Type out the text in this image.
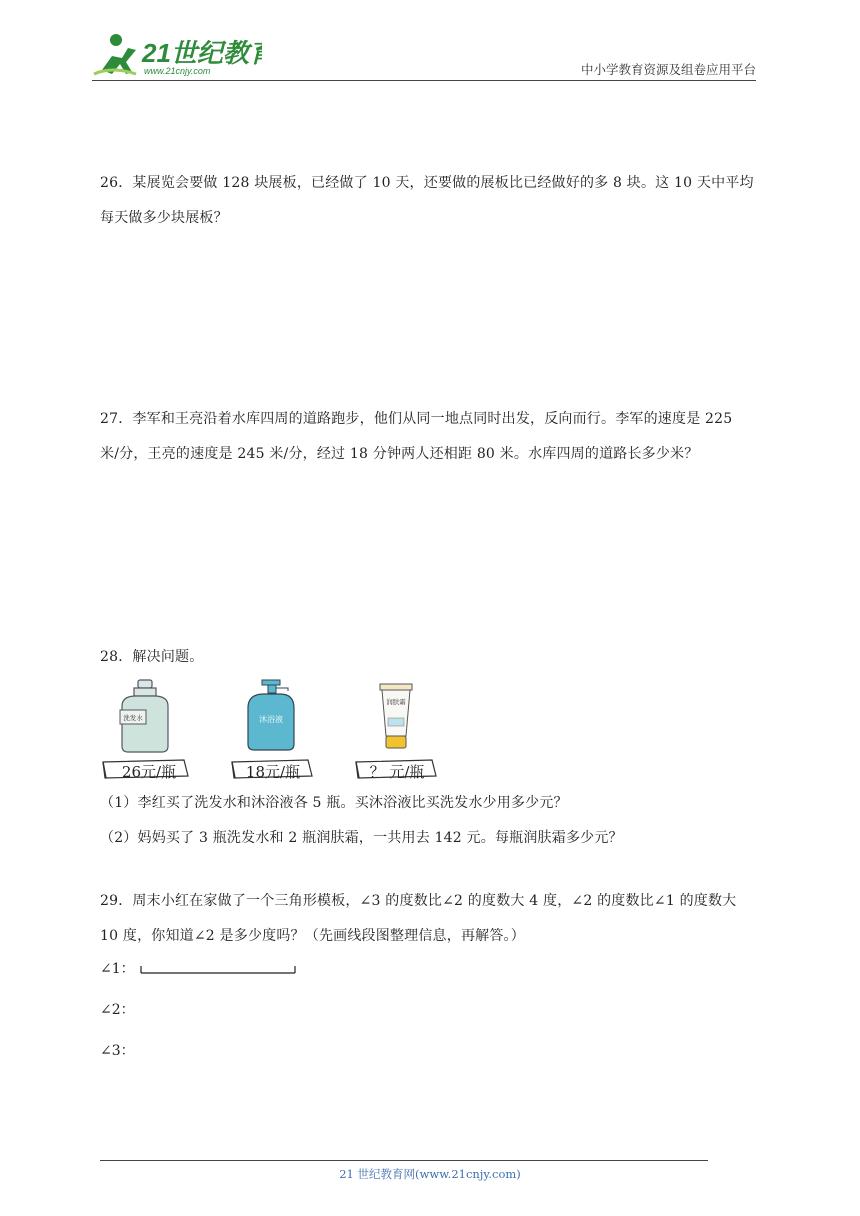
21世纪教育
www.21cnjy.com	中小学教育资源及组卷应用平台

26．某展览会要做 128 块展板，已经做了 10 天，还要做的展板比已经做好的多 8 块。这 10 天中平均

每天做多少块展板？

27．李军和王亮沿着水库四周的道路跑步，他们从同一地点同时出发，反向而行。李军的速度是 225

米/分，王亮的速度是 245 米/分，经过 18 分钟两人还相距 80 米。水库四周的道路长多少米？

28．解决问题。

洗发水
26元/瓶
沐浴液
18元/瓶
润肤霜
？ 元/瓶

（1）李红买了洗发水和沐浴液各 5 瓶。买沐浴液比买洗发水少用多少元？

（2）妈妈买了 3 瓶洗发水和 2 瓶润肤霜，一共用去 142 元。每瓶润肤霜多少元？

29．周末小红在家做了一个三角形模板，∠3 的度数比∠2 的度数大 4 度，∠2 的度数比∠1 的度数大

10 度，你知道∠2 是多少度吗？（先画线段图整理信息，再解答。）

∠1：
∠2：
∠3：
21 世纪教育网(www.21cnjy.com)
